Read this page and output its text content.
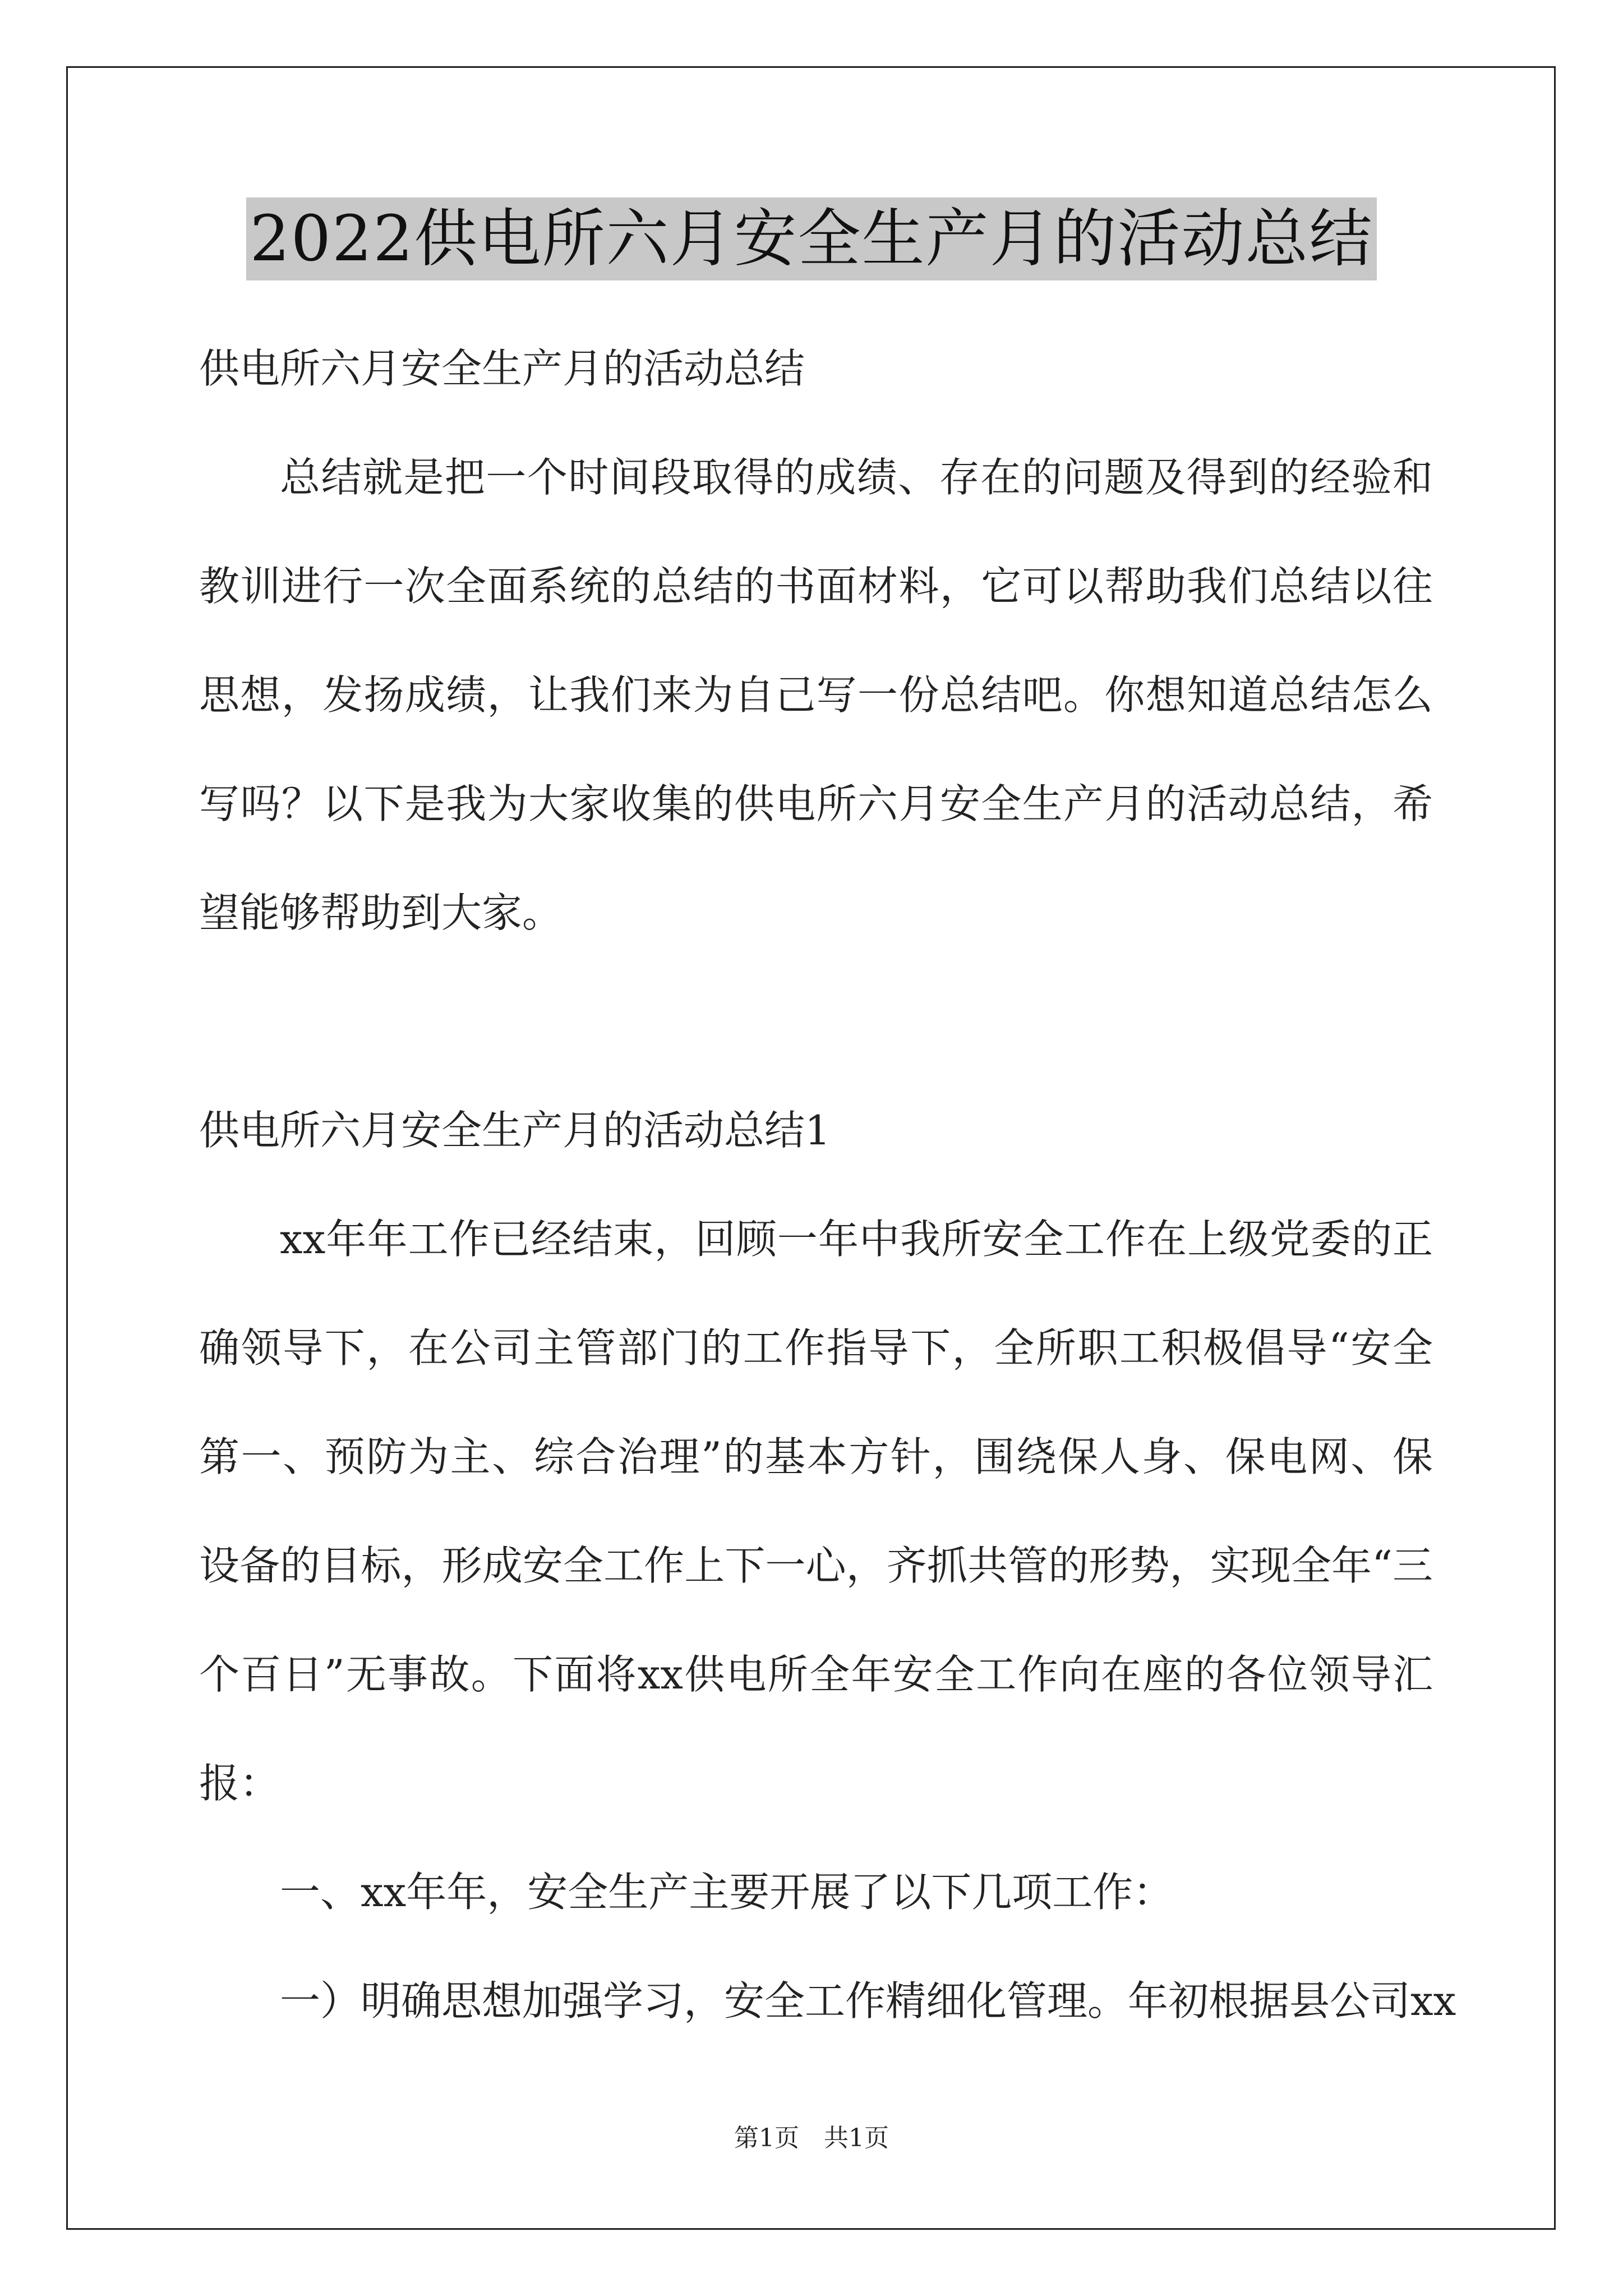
2022供电所六月安全生产月的活动总结
供电所六月安全生产月的活动总结
总结就是把一个时间段取得的成绩、存在的问题及得到的经验和
教训进行一次全面系统的总结的书面材料，它可以帮助我们总结以往
思想，发扬成绩，让我们来为自己写一份总结吧。你想知道总结怎么
写吗？以下是我为大家收集的供电所六月安全生产月的活动总结，希
望能够帮助到大家。
供电所六月安全生产月的活动总结1
xx年年工作已经结束，回顾一年中我所安全工作在上级党委的正
确领导下，在公司主管部门的工作指导下，全所职工积极倡导“安全
第一、预防为主、综合治理”的基本方针，围绕保人身、保电网、保
设备的目标，形成安全工作上下一心，齐抓共管的形势，实现全年“三
个百日”无事故。下面将xx供电所全年安全工作向在座的各位领导汇
报：
一、xx年年，安全生产主要开展了以下几项工作：
一）明确思想加强学习，安全工作精细化管理。年初根据县公司xx
第1页　共1页
